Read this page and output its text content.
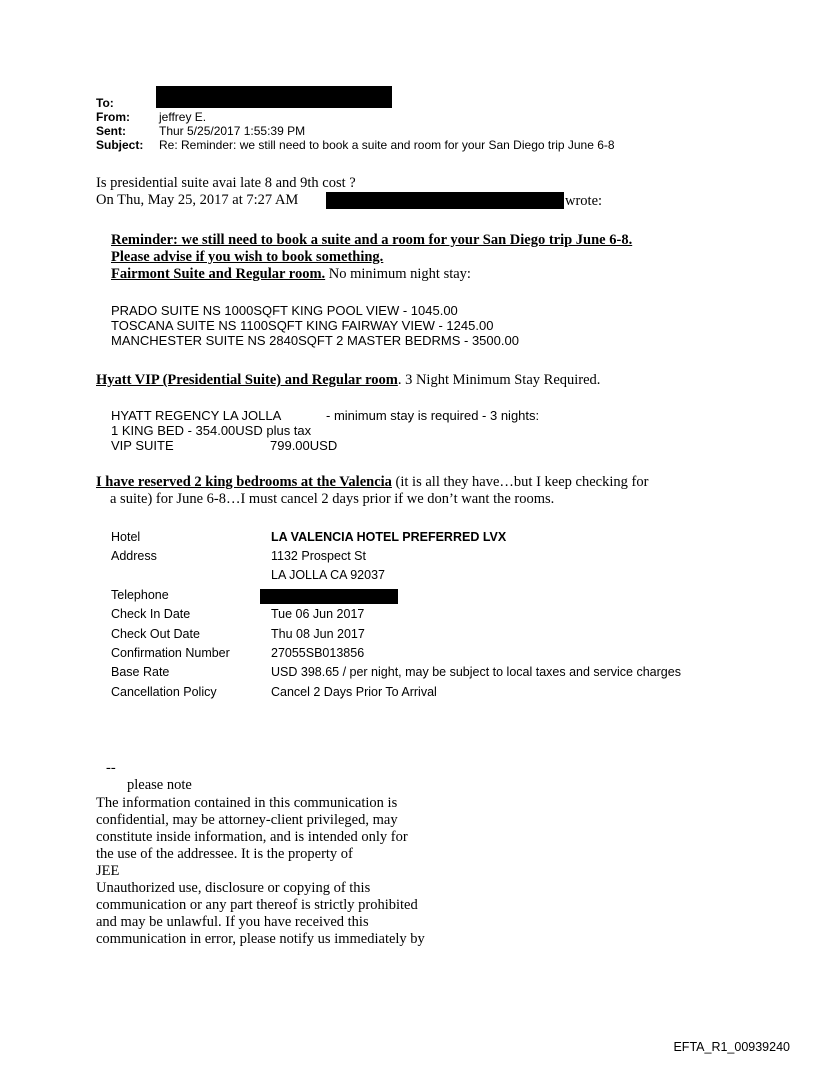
To:
From: jeffrey E.
Sent:	Thur 5/25/2017 1:55:39 PM
Subject: Re: Reminder: we still need to book a suite and room for your San Diego trip June 6-8
Is presidential suite avai late 8 and 9th cost ?
On Thu, May 25, 2017 at 7:27 AM	wrote:
Reminder: we still need to book a suite and a room for your San Diego trip June 6-8.
Please advise if you wish to book something.
Fairmont Suite and Regular room. No minimum night stay:
PRADO SUITE NS 1000SQFT KING POOL VIEW - 1045.00
TOSCANA SUITE NS 1100SQFT KING FAIRWAY VIEW - 1245.00
MANCHESTER SUITE NS 2840SQFT 2 MASTER BEDRMS - 3500.00
Hyatt VIP (Presidential Suite) and Regular room. 3 Night Minimum Stay Required.
HYATT REGENCY LA JOLLA	- minimum stay is required - 3 nights:
1 KING BED - 354.00USD plus tax
VIP SUITE	799.00USD
I have reserved 2 king bedrooms at the Valencia (it is all they have…but I keep checking for
a suite) for June 6-8…I must cancel 2 days prior if we don’t want the rooms.
Hotel	LA VALENCIA HOTEL PREFERRED LVX
Address	1132 Prospect St
LA JOLLA CA 92037
Telephone
Check In Date	Tue 06 Jun 2017
Check Out Date	Thu 08 Jun 2017
Confirmation Number	27055SB013856
Base Rate	USD 398.65 / per night, may be subject to local taxes and service charges
Cancellation Policy	Cancel 2 Days Prior To Arrival
--
please note
The information contained in this communication is
confidential, may be attorney-client privileged, may
constitute inside information, and is intended only for
the use of the addressee. It is the property of
JEE
Unauthorized use, disclosure or copying of this
communication or any part thereof is strictly prohibited
and may be unlawful. If you have received this
communication in error, please notify us immediately by
EFTA_R1_00939240
